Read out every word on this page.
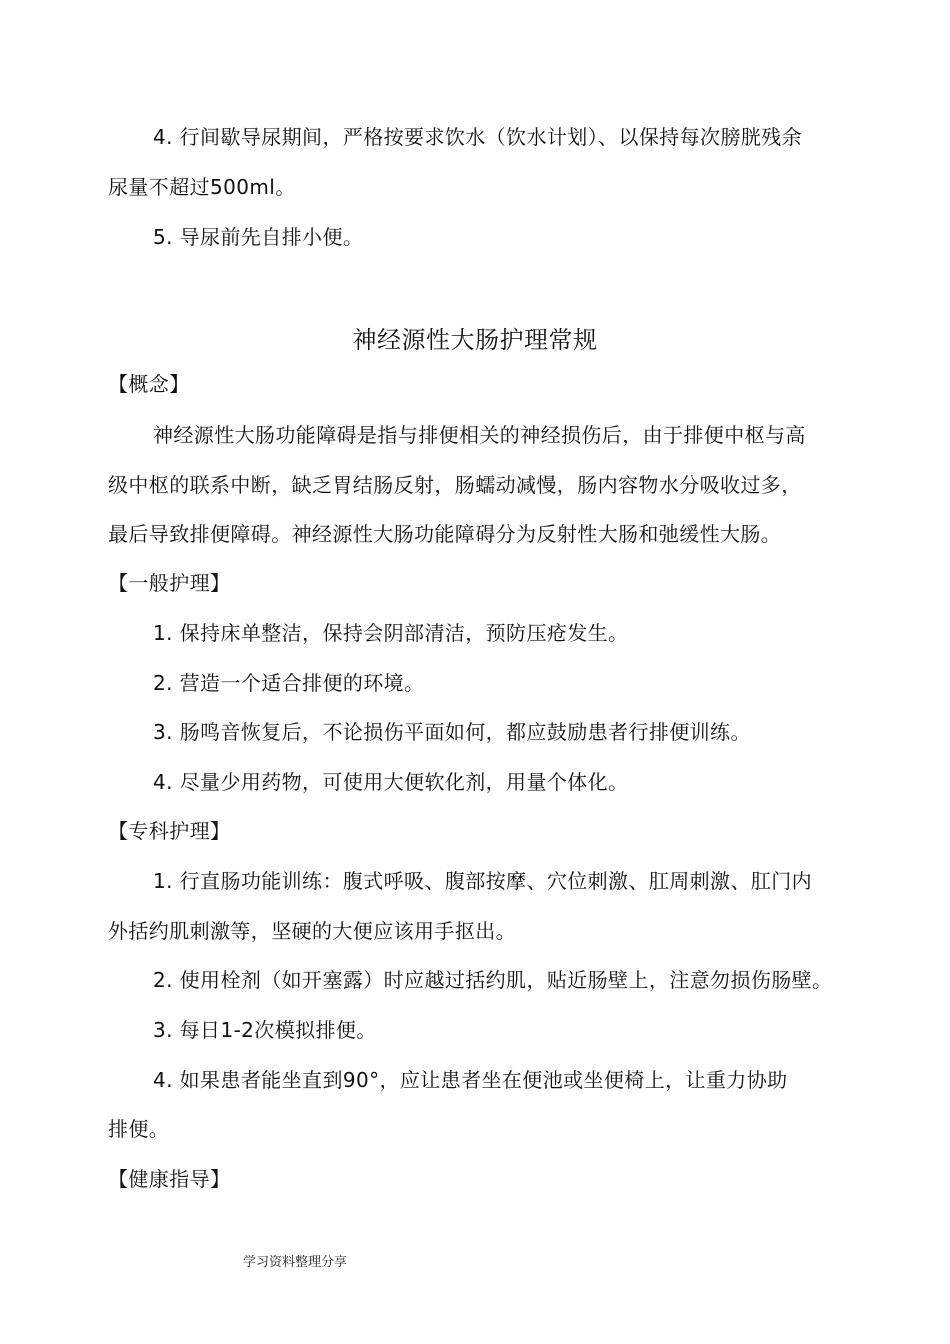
4. 行间歇导尿期间，严格按要求饮水（饮水计划）、以保持每次膀胱残余
尿量不超过500ml。
5. 导尿前先自排小便。
神经源性大肠护理常规
【概念】
神经源性大肠功能障碍是指与排便相关的神经损伤后，由于排便中枢与高
级中枢的联系中断，缺乏胃结肠反射，肠蠕动减慢，肠内容物水分吸收过多，
最后导致排便障碍。神经源性大肠功能障碍分为反射性大肠和弛缓性大肠。
【一般护理】
1. 保持床单整洁，保持会阴部清洁，预防压疮发生。
2. 营造一个适合排便的环境。
3. 肠鸣音恢复后，不论损伤平面如何，都应鼓励患者行排便训练。
4. 尽量少用药物，可使用大便软化剂，用量个体化。
【专科护理】
1. 行直肠功能训练：腹式呼吸、腹部按摩、穴位刺激、肛周刺激、肛门内
外括约肌刺激等，坚硬的大便应该用手抠出。
2. 使用栓剂（如开塞露）时应越过括约肌，贴近肠壁上，注意勿损伤肠壁。
3. 每日1-2次模拟排便。
4. 如果患者能坐直到90°，应让患者坐在便池或坐便椅上，让重力协助
排便。
【健康指导】
学习资料整理分享
